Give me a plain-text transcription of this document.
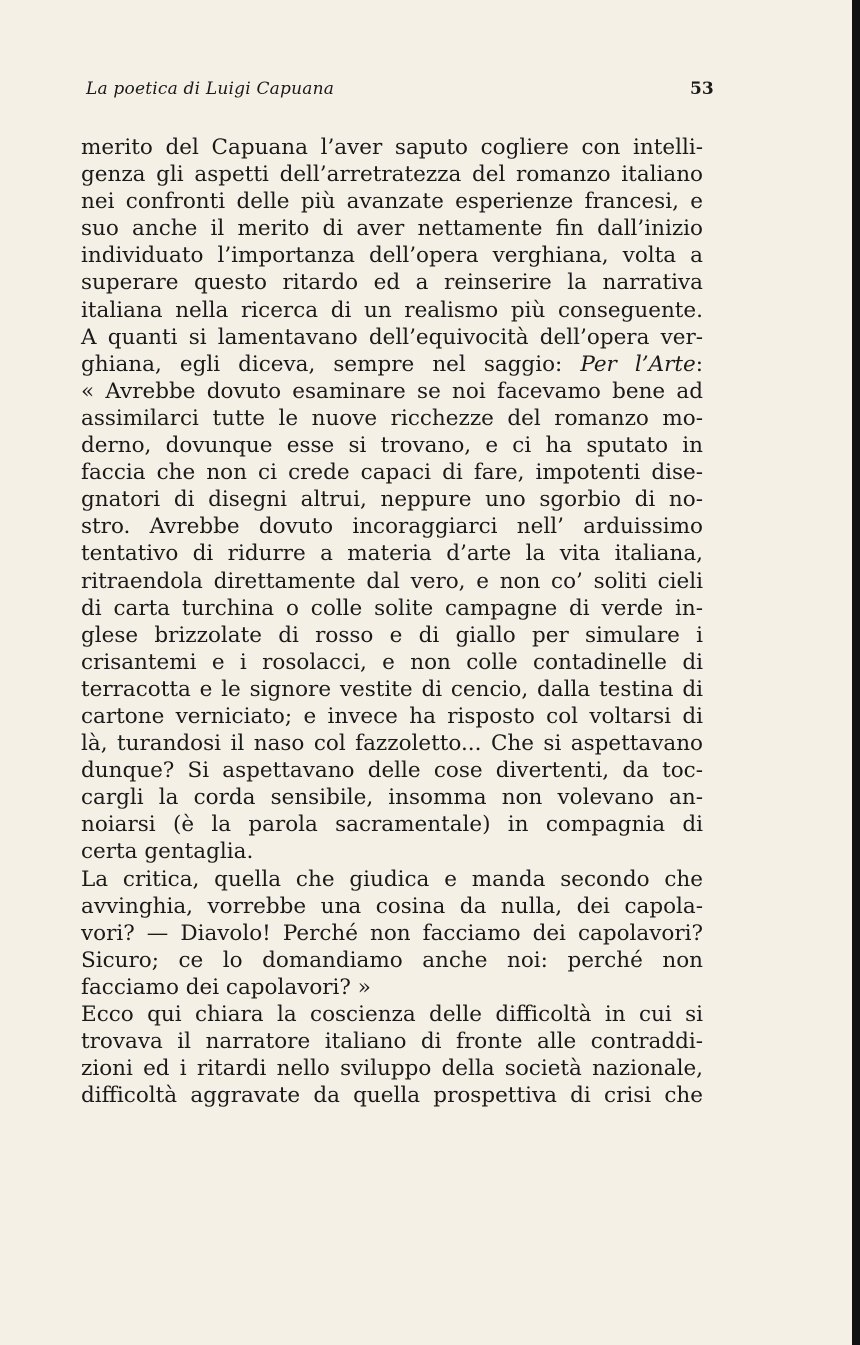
La poetica di Luigi Capuana	53
merito del Capuana l’aver saputo cogliere con intelli-
genza gli aspetti dell’arretratezza del romanzo italiano
nei confronti delle più avanzate esperienze francesi, e
suo anche il merito di aver nettamente fin dall’inizio
individuato l’importanza dell’opera verghiana, volta a
superare questo ritardo ed a reinserire la narrativa
italiana nella ricerca di un realismo più conseguente.
A quanti si lamentavano dell’equivocità dell’opera ver-
ghiana, egli diceva, sempre nel saggio: Per l’Arte:
« Avrebbe dovuto esaminare se noi facevamo bene ad
assimilarci tutte le nuove ricchezze del romanzo mo-
derno, dovunque esse si trovano, e ci ha sputato in
faccia che non ci crede capaci di fare, impotenti dise-
gnatori di disegni altrui, neppure uno sgorbio di no-
stro. Avrebbe dovuto incoraggiarci nell’ arduissimo
tentativo di ridurre a materia d’arte la vita italiana,
ritraendola direttamente dal vero, e non co’ soliti cieli
di carta turchina o colle solite campagne di verde in-
glese brizzolate di rosso e di giallo per simulare i
crisantemi e i rosolacci, e non colle contadinelle di
terracotta e le signore vestite di cencio, dalla testina di
cartone verniciato; e invece ha risposto col voltarsi di
là, turandosi il naso col fazzoletto... Che si aspettavano
dunque? Si aspettavano delle cose divertenti, da toc-
cargli la corda sensibile, insomma non volevano an-
noiarsi (è la parola sacramentale) in compagnia di
certa gentaglia.
La critica, quella che giudica e manda secondo che
avvinghia, vorrebbe una cosina da nulla, dei capola-
vori? — Diavolo! Perché non facciamo dei capolavori?
Sicuro; ce lo domandiamo anche noi: perché non
facciamo dei capolavori? »
Ecco qui chiara la coscienza delle difficoltà in cui si
trovava il narratore italiano di fronte alle contraddi-
zioni ed i ritardi nello sviluppo della società nazionale,
difficoltà aggravate da quella prospettiva di crisi che
